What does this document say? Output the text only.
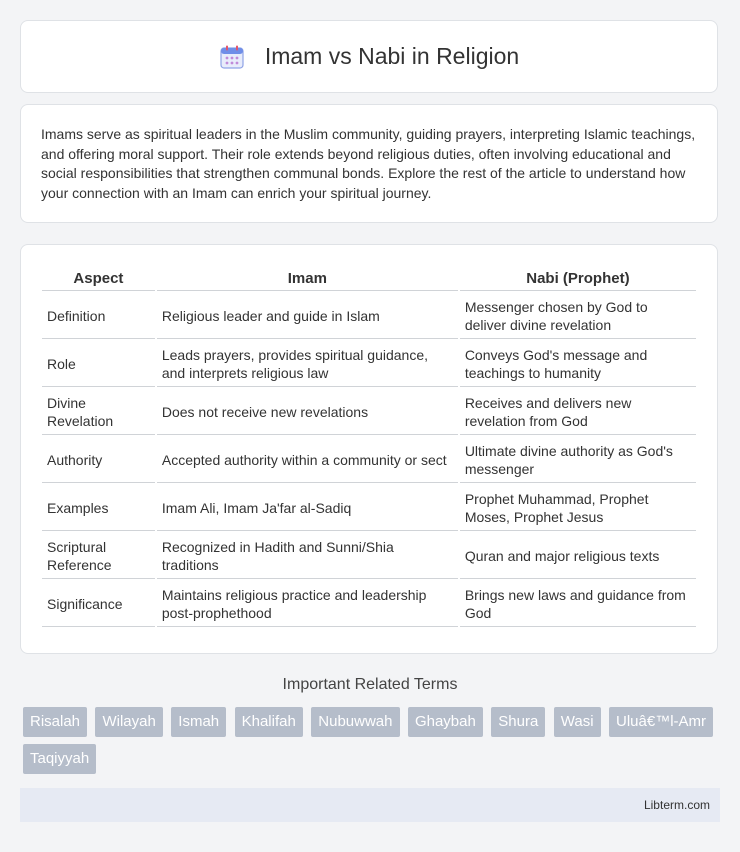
Imam vs Nabi in Religion

Imams serve as spiritual leaders in the Muslim community, guiding prayers, interpreting Islamic teachings, and offering moral support. Their role extends beyond religious duties, often involving educational and social responsibilities that strengthen communal bonds. Explore the rest of the article to understand how your connection with an Imam can enrich your spiritual journey.

Aspect	Imam	Nabi (Prophet)
Definition	Religious leader and guide in Islam	Messenger chosen by God to deliver divine revelation
Role	Leads prayers, provides spiritual guidance, and interprets religious law	Conveys God's message and teachings to humanity
Divine Revelation	Does not receive new revelations	Receives and delivers new revelation from God
Authority	Accepted authority within a community or sect	Ultimate divine authority as God's messenger
Examples	Imam Ali, Imam Ja'far al-Sadiq	Prophet Muhammad, Prophet Moses, Prophet Jesus
Scriptural Reference	Recognized in Hadith and Sunni/Shia traditions	Quran and major religious texts
Significance	Maintains religious practice and leadership post-prophethood	Brings new laws and guidance from God
Important Related Terms
Risalah Wilayah Ismah Khalifah Nubuwwah Ghaybah Shura Wasi Uluâ€™l-Amr Taqiyyah
Libterm.com
